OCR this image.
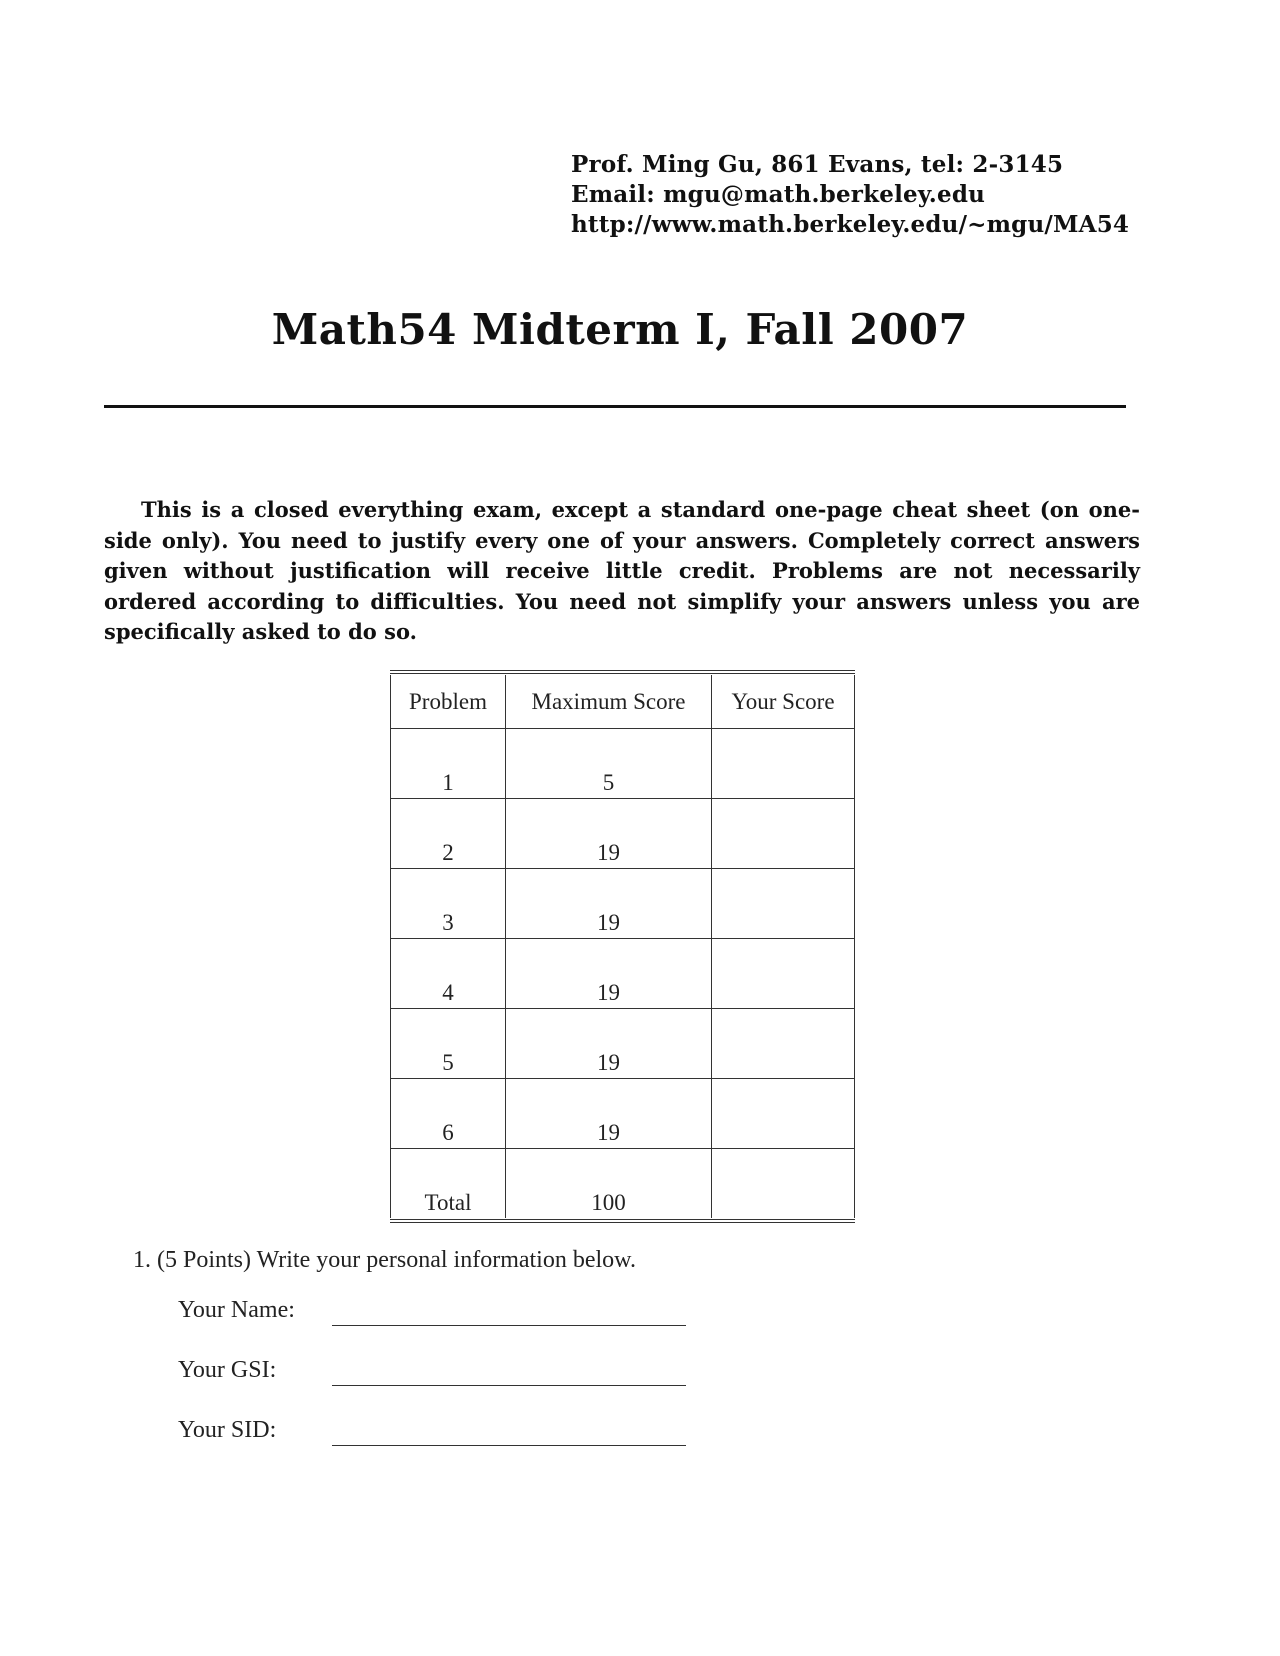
Prof. Ming Gu, 861 Evans, tel: 2-3145
Email: mgu@math.berkeley.edu
http://www.math.berkeley.edu/~mgu/MA54
Math54 Midterm I, Fall 2007

This is a closed everything exam, except a standard one-page cheat sheet (on one-side only). You need to justify every one of your answers. Completely correct answers given without justification will receive little credit. Problems are not necessarily ordered according to difficulties. You need not simplify your answers unless you are specifically asked to do so.

Problem	Maximum Score	Your Score
1	5	
2	19	
3	19	
4	19	
5	19	
6	19	
Total	100	

1. (5 Points) Write your personal information below.

Your Name:
Your GSI:
Your SID:
